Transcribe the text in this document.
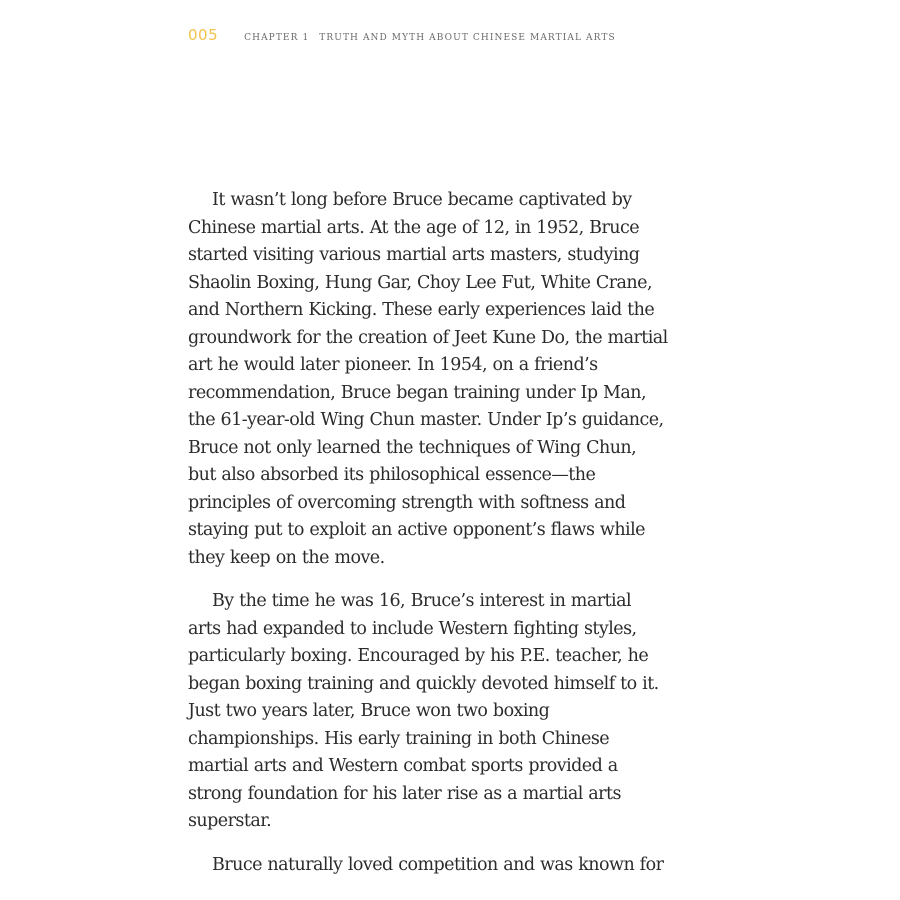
005	CHAPTER 1 TRUTH AND MYTH ABOUT CHINESE MARTIAL ARTS

It wasn’t long before Bruce became captivated by Chinese martial arts. At the age of 12, in 1952, Bruce started visiting various martial arts masters, studying Shaolin Boxing, Hung Gar, Choy Lee Fut, White Crane, and Northern Kicking. These early experiences laid the groundwork for the creation of Jeet Kune Do, the martial art he would later pioneer. In 1954, on a friend’s recommendation, Bruce began training under Ip Man, the 61-year-old Wing Chun master. Under Ip’s guidance, Bruce not only learned the techniques of Wing Chun, but also absorbed its philosophical essence—the principles of overcoming strength with softness and staying put to exploit an active opponent’s flaws while they keep on the move.

By the time he was 16, Bruce’s interest in martial arts had expanded to include Western fighting styles, particularly boxing. Encouraged by his P.E. teacher, he began boxing training and quickly devoted himself to it. Just two years later, Bruce won two boxing championships. His early training in both Chinese martial arts and Western combat sports provided a strong foundation for his later rise as a martial arts superstar.

Bruce naturally loved competition and was known for
